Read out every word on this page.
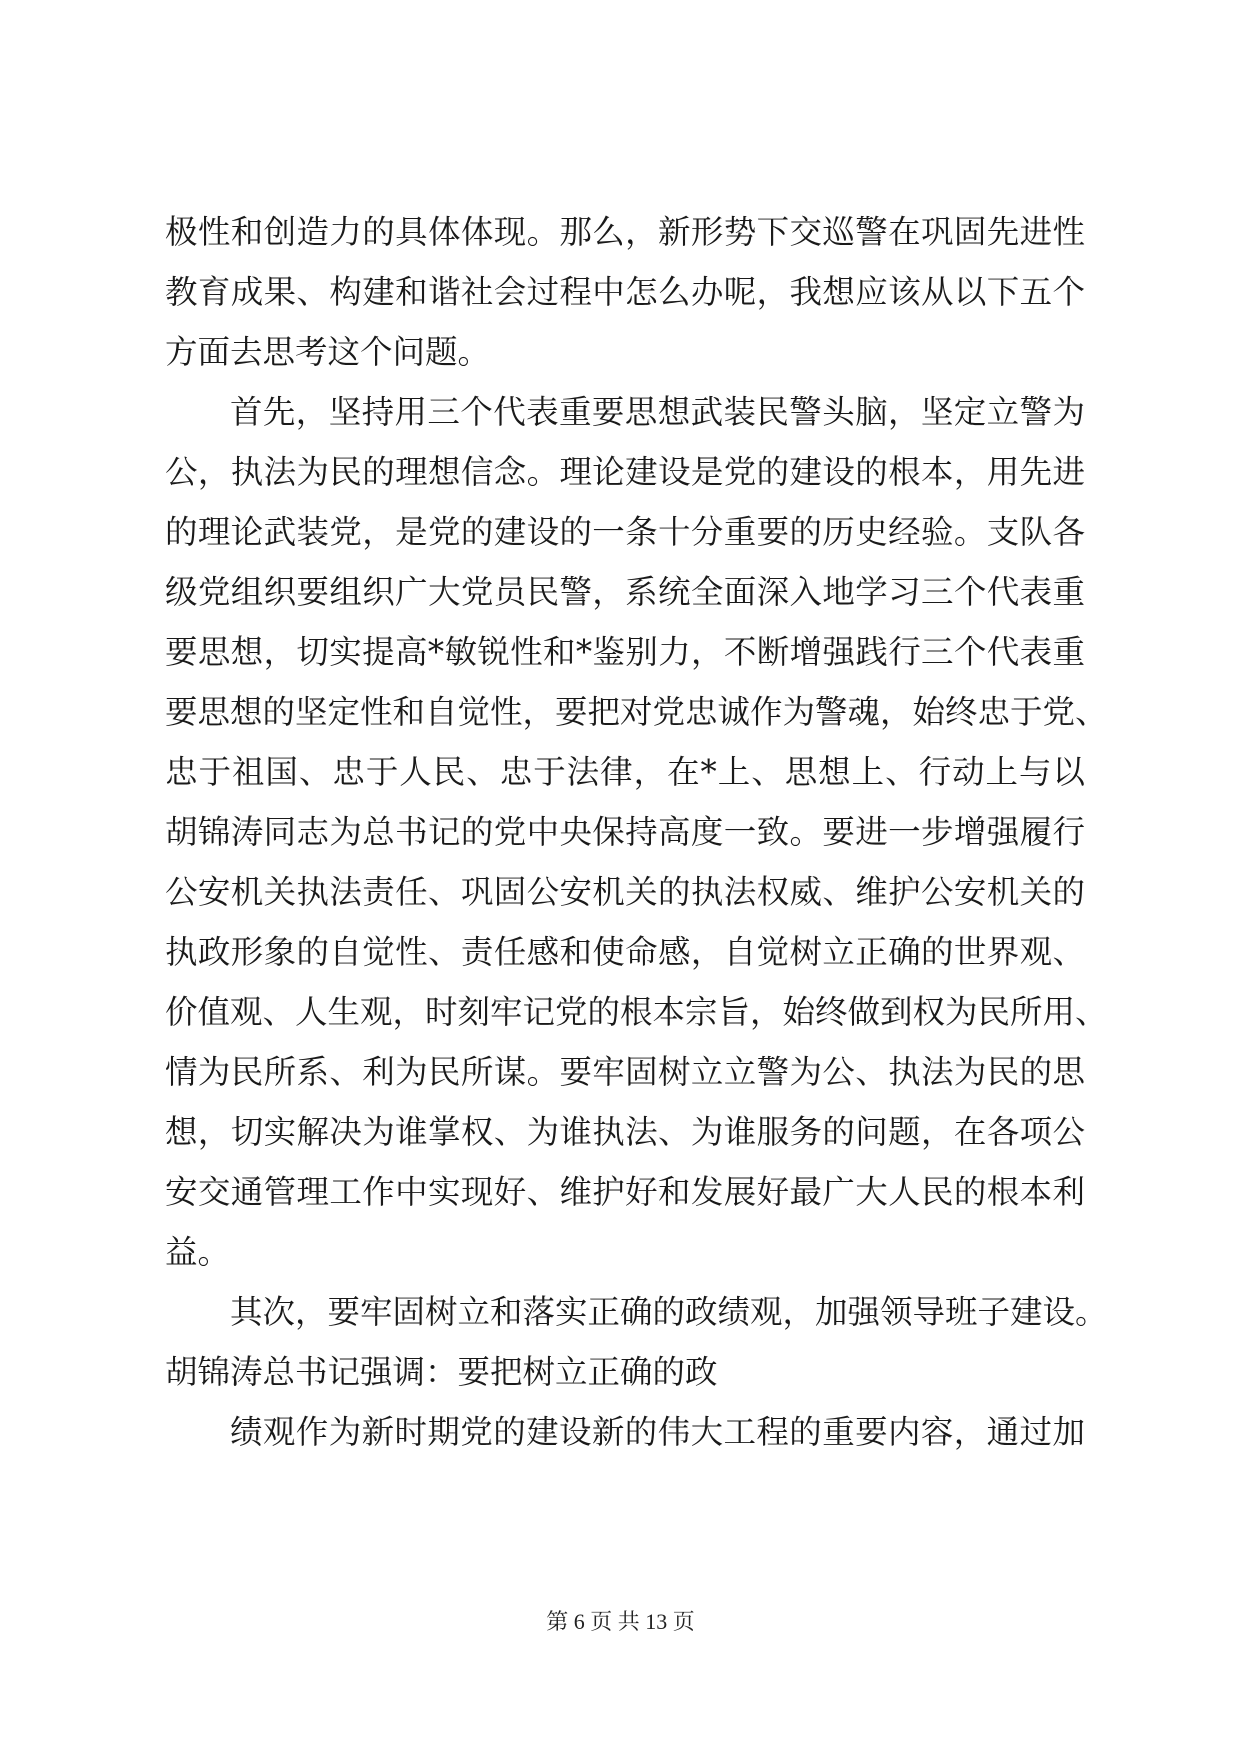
极性和创造力的具体体现。那么，新形势下交巡警在巩固先进性
教育成果、构建和谐社会过程中怎么办呢，我想应该从以下五个
方面去思考这个问题。
首先，坚持用三个代表重要思想武装民警头脑，坚定立警为
公，执法为民的理想信念。理论建设是党的建设的根本，用先进
的理论武装党，是党的建设的一条十分重要的历史经验。支队各
级党组织要组织广大党员民警，系统全面深入地学习三个代表重
要思想，切实提高*敏锐性和*鉴别力，不断增强践行三个代表重
要思想的坚定性和自觉性，要把对党忠诚作为警魂，始终忠于党、
忠于祖国、忠于人民、忠于法律，在*上、思想上、行动上与以
胡锦涛同志为总书记的党中央保持高度一致。要进一步增强履行
公安机关执法责任、巩固公安机关的执法权威、维护公安机关的
执政形象的自觉性、责任感和使命感，自觉树立正确的世界观、
价值观、人生观，时刻牢记党的根本宗旨，始终做到权为民所用、
情为民所系、利为民所谋。要牢固树立立警为公、执法为民的思
想，切实解决为谁掌权、为谁执法、为谁服务的问题，在各项公
安交通管理工作中实现好、维护好和发展好最广大人民的根本利
益。
其次，要牢固树立和落实正确的政绩观，加强领导班子建设。
胡锦涛总书记强调：要把树立正确的政
绩观作为新时期党的建设新的伟大工程的重要内容，通过加
第 6 页 共 13 页
